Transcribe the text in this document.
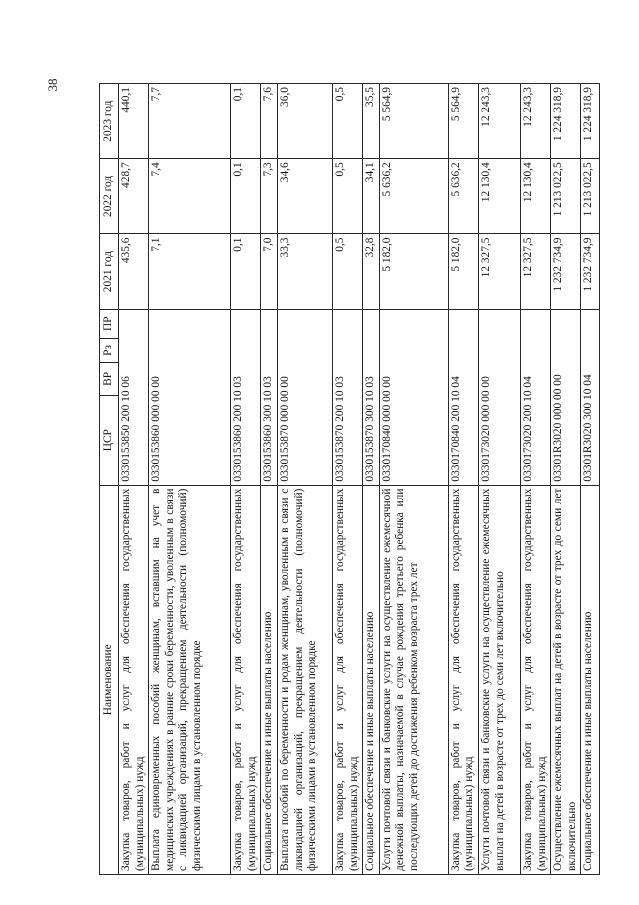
38
Наименование	ЦСР	ВР	Рз	ПР	2021 год	2022 год	2023 год
Закупка товаров, работ и услуг для обеспечения государственных (муниципальных) нужд	0330153850 200 10 06				435,6	428,7	440,1
Выплата единовременных пособий женщинам, вставшим на учет в медицинских учреждениях в ранние сроки беременности, уволенным в связи с ликвидацией организаций, прекращением деятельности (полномочий) физическими лицами в установленном порядке	0330153860 000 00 00				7,1	7,4	7,7
Закупка товаров, работ и услуг для обеспечения государственных (муниципальных) нужд	0330153860 200 10 03				0,1	0,1	0,1
Социальное обеспечение и иные выплаты населению	0330153860 300 10 03				7,0	7,3	7,6
Выплата пособий по беременности и родам женщинам, уволенным в связи с ликвидацией организаций, прекращением деятельности (полномочий) физическими лицами в установленном порядке	0330153870 000 00 00				33,3	34,6	36,0
Закупка товаров, работ и услуг для обеспечения государственных (муниципальных) нужд	0330153870 200 10 03				0,5	0,5	0,5
Социальное обеспечение и иные выплаты населению	0330153870 300 10 03				32,8	34,1	35,5
Услуги почтовой связи и банковские услуги на осуществление ежемесячной денежной выплаты, назначаемой в случае рождения третьего ребенка или последующих детей до достижения ребенком возраста трех лет	0330170840 000 00 00				5 182,0	5 636,2	5 564,9
Закупка товаров, работ и услуг для обеспечения государственных (муниципальных) нужд	0330170840 200 10 04				5 182,0	5 636,2	5 564,9
Услуги почтовой связи и банковские услуги на осуществление ежемесячных выплат на детей в возрасте от трех до семи лет включительно	0330173020 000 00 00				12 327,5	12 130,4	12 243,3
Закупка товаров, работ и услуг для обеспечения государственных (муниципальных) нужд	0330173020 200 10 04				12 327,5	12 130,4	12 243,3
Осуществление ежемесячных выплат на детей в возрасте от трех до семи лет включительно	03301R3020 000 00 00				1 232 734,9	1 213 022,5	1 224 318,9
Социальное обеспечение и иные выплаты населению	03301R3020 300 10 04				1 232 734,9	1 213 022,5	1 224 318,9
